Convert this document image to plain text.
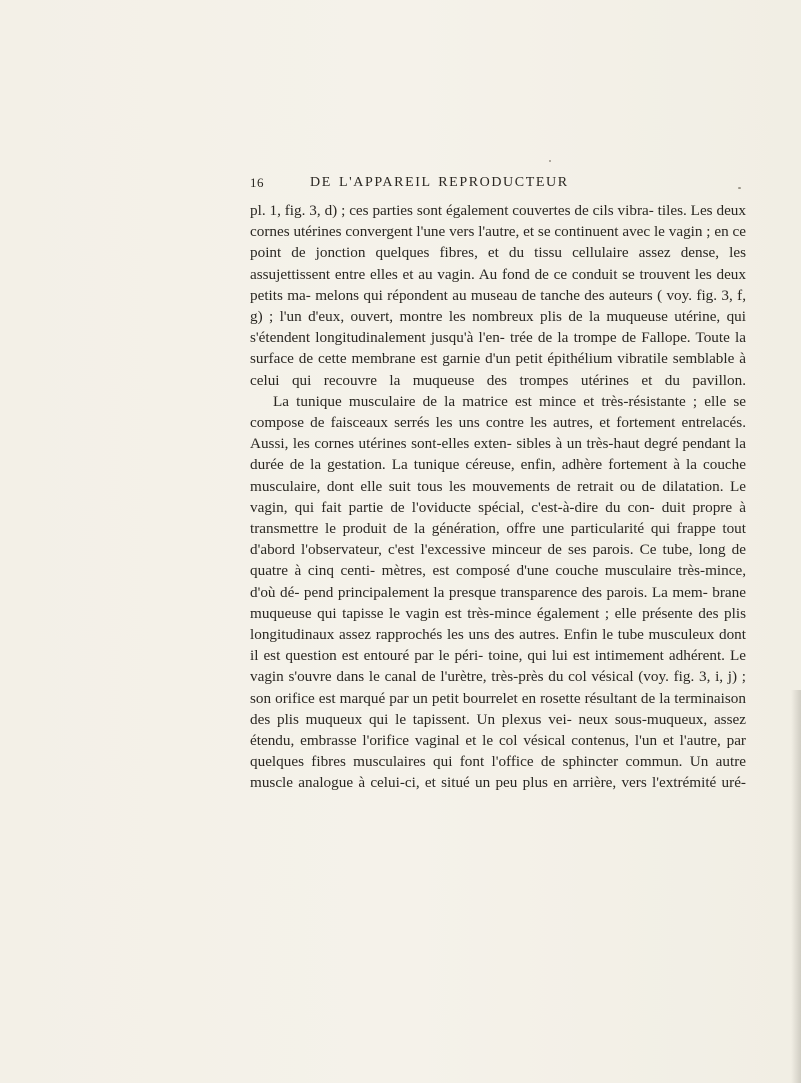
16	DE L'APPAREIL REPRODUCTEUR

pl. 1, fig. 3, d) ; ces parties sont également couvertes de cils vibra- tiles. Les deux cornes utérines convergent l'une vers l'autre, et se continuent avec le vagin ; en ce point de jonction quelques fibres, et du tissu cellulaire assez dense, les assujettissent entre elles et au vagin. Au fond de ce conduit se trouvent les deux petits ma- melons qui répondent au museau de tanche des auteurs ( voy. fig. 3, f, g) ; l'un d'eux, ouvert, montre les nombreux plis de la muqueuse utérine, qui s'étendent longitudinalement jusqu'à l'en- trée de la trompe de Fallope. Toute la surface de cette membrane est garnie d'un petit épithélium vibratile semblable à celui qui recouvre la muqueuse des trompes utérines et du pavillon.

La tunique musculaire de la matrice est mince et très-résistante ; elle se compose de faisceaux serrés les uns contre les autres, et fortement entrelacés. Aussi, les cornes utérines sont-elles exten- sibles à un très-haut degré pendant la durée de la gestation. La tunique céreuse, enfin, adhère fortement à la couche musculaire, dont elle suit tous les mouvements de retrait ou de dilatation. Le vagin, qui fait partie de l'oviducte spécial, c'est-à-dire du con- duit propre à transmettre le produit de la génération, offre une particularité qui frappe tout d'abord l'observateur, c'est l'excessive minceur de ses parois. Ce tube, long de quatre à cinq centi- mètres, est composé d'une couche musculaire très-mince, d'où dé- pend principalement la presque transparence des parois. La mem- brane muqueuse qui tapisse le vagin est très-mince également ; elle présente des plis longitudinaux assez rapprochés les uns des autres. Enfin le tube musculeux dont il est question est entouré par le péri- toine, qui lui est intimement adhérent. Le vagin s'ouvre dans le canal de l'urètre, très-près du col vésical (voy. fig. 3, i, j) ; son orifice est marqué par un petit bourrelet en rosette résultant de la terminaison des plis muqueux qui le tapissent. Un plexus vei- neux sous-muqueux, assez étendu, embrasse l'orifice vaginal et le col vésical contenus, l'un et l'autre, par quelques fibres musculaires qui font l'office de sphincter commun. Un autre muscle analogue à celui-ci, et situé un peu plus en arrière, vers l'extrémité uré-
